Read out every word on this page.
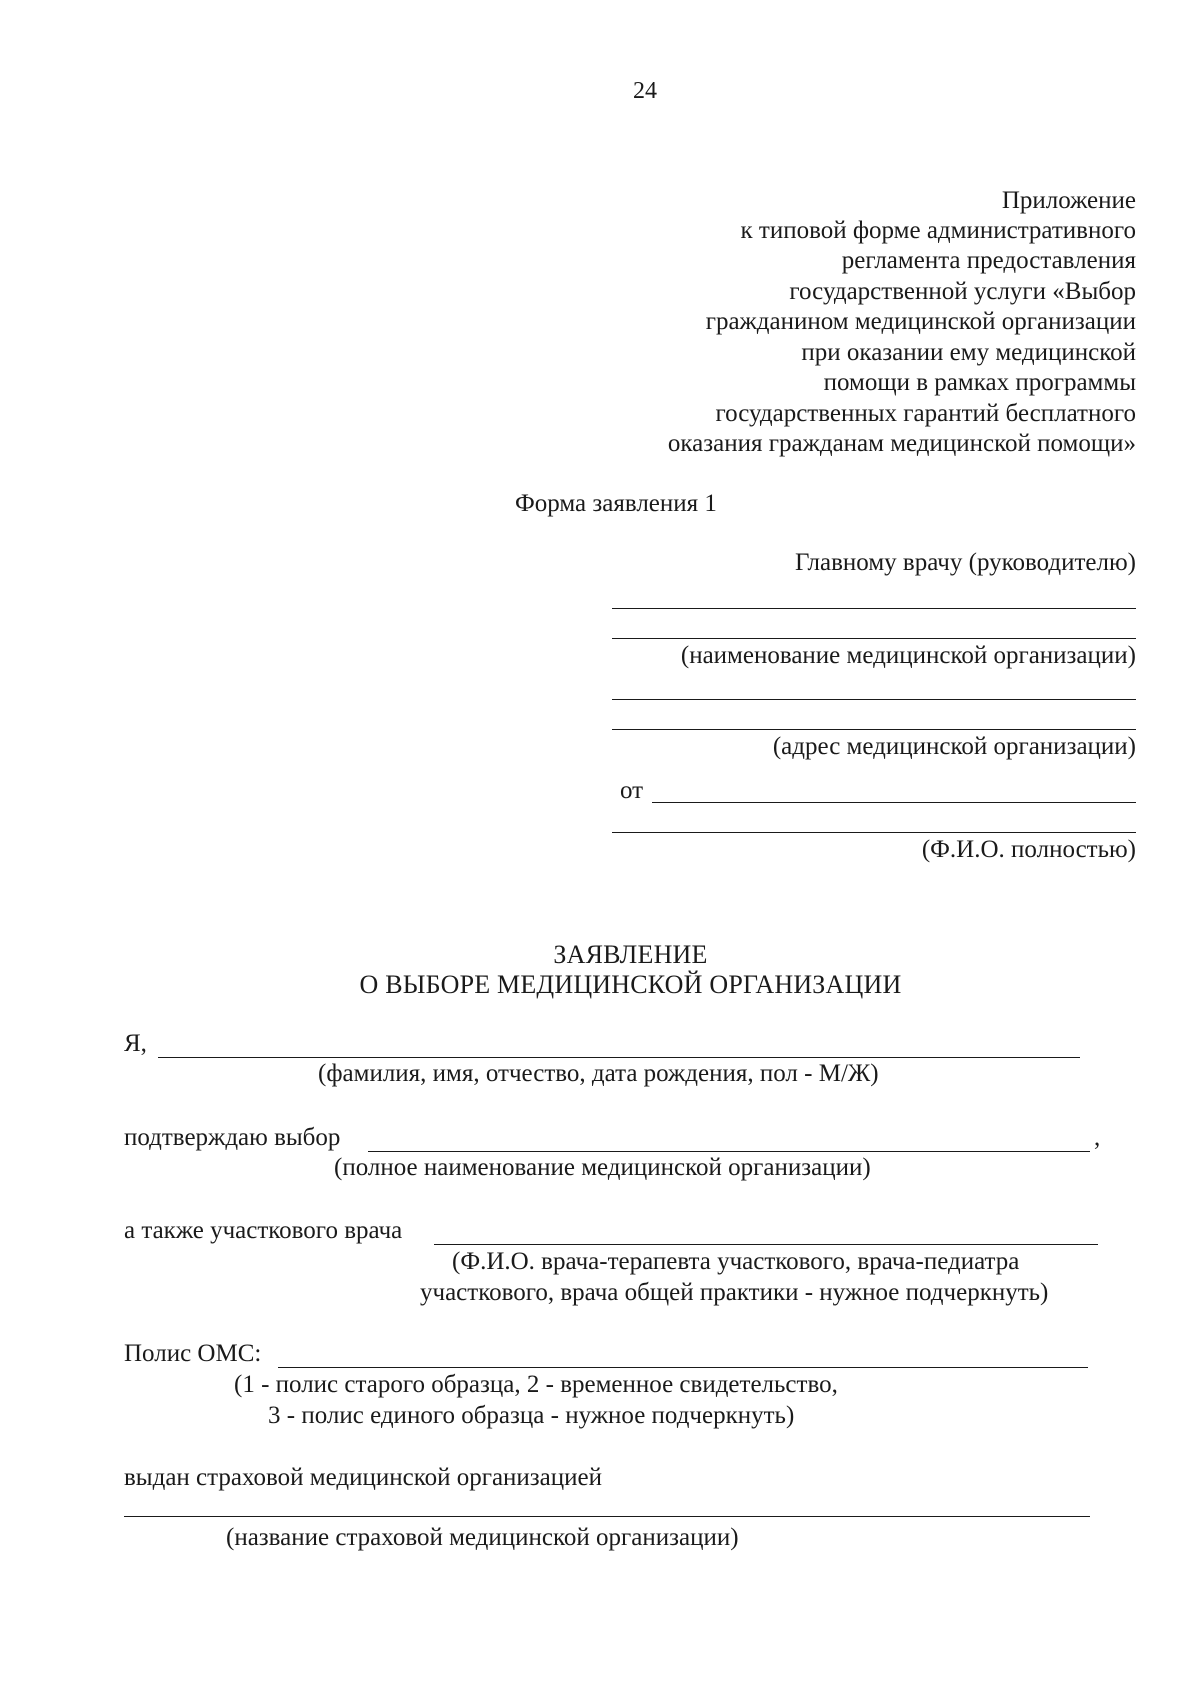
24
Приложение
к типовой форме административного
регламента предоставления
государственной услуги «Выбор
гражданином медицинской организации
при оказании ему медицинской
помощи в рамках программы
государственных гарантий бесплатного
оказания гражданам медицинской помощи»
Форма заявления 1
Главному врачу (руководителю)
(наименование медицинской организации)
(адрес медицинской организации)
от
(Ф.И.О. полностью)
ЗАЯВЛЕНИЕ
О ВЫБОРЕ МЕДИЦИНСКОЙ ОРГАНИЗАЦИИ
Я,
(фамилия, имя, отчество, дата рождения, пол - М/Ж)
подтверждаю выбор	,
(полное наименование медицинской организации)
а также участкового врача
(Ф.И.О. врача-терапевта участкового, врача-педиатра
участкового, врача общей практики - нужное подчеркнуть)
Полис ОМС:
(1 - полис старого образца, 2 - временное свидетельство,
3 - полис единого образца - нужное подчеркнуть)
выдан страховой медицинской организацией
(название страховой медицинской организации)
